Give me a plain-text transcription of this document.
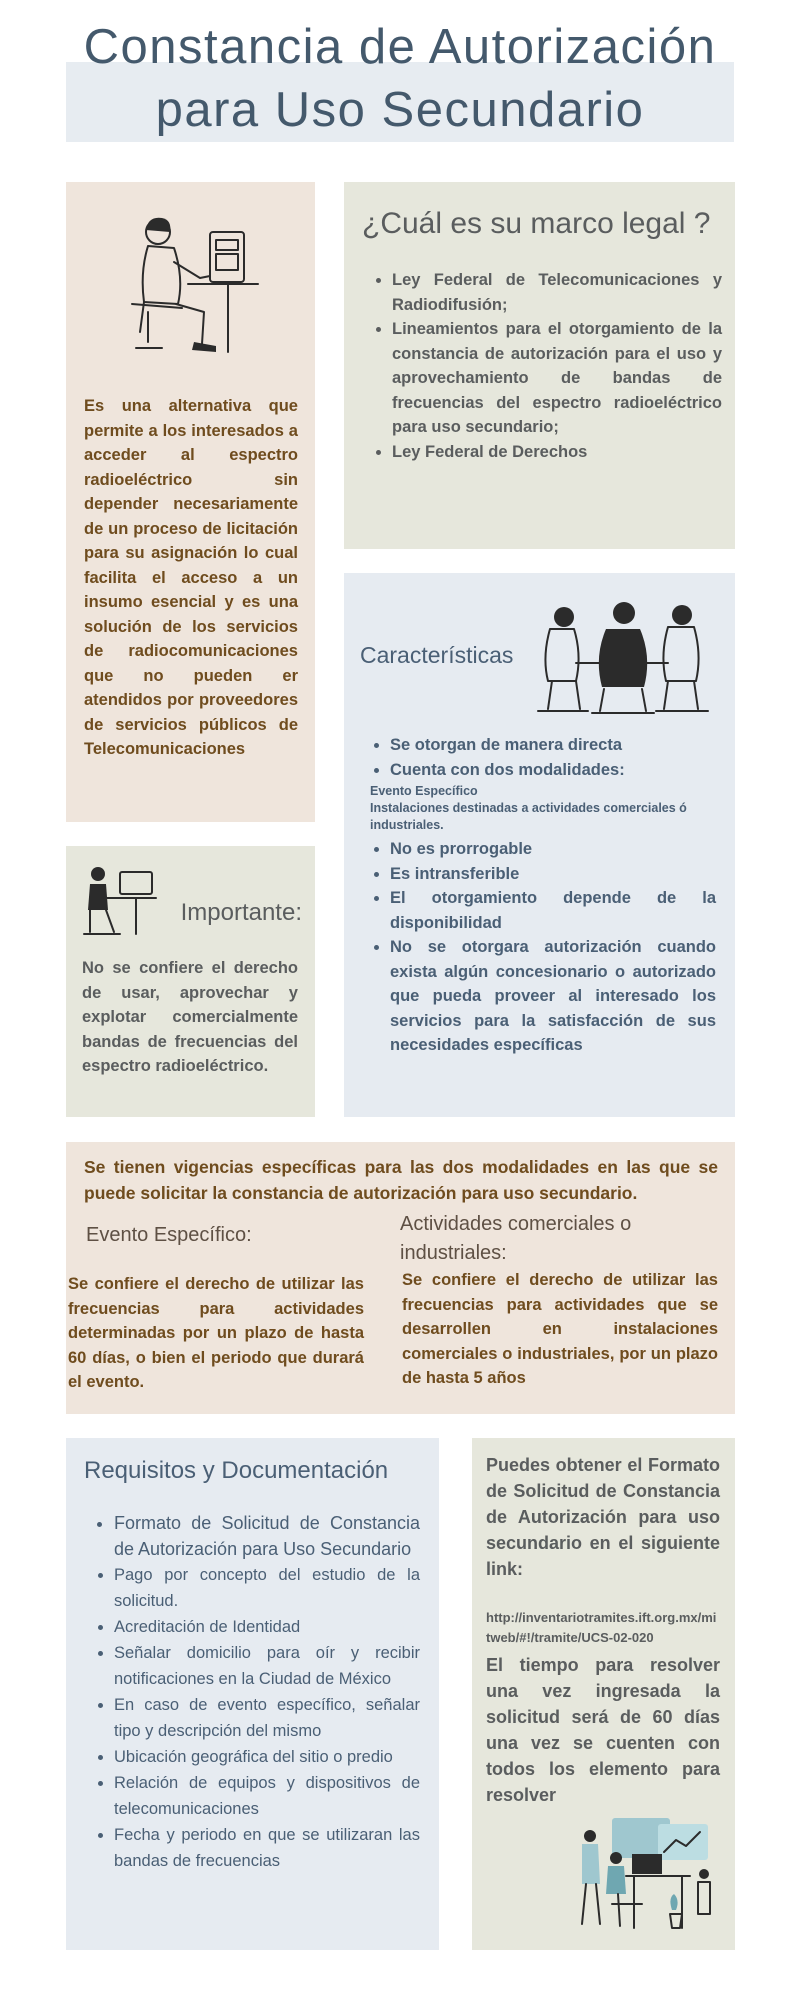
Constancia de Autorización
para Uso Secundario
Es una alternativa que permite a los interesados a acceder al espectro radioeléctrico sin depender necesariamente de un proceso de licitación para su asignación lo cual facilita el acceso a un insumo esencial y es una solución de los servicios de radiocomunicaciones que no pueden er atendidos por proveedores de servicios públicos de Telecomunicaciones
¿Cuál es su marco legal ?
• Ley Federal de Telecomunicaciones y Radiodifusión;
• Lineamientos para el otorgamiento de la constancia de autorización para el uso y aprovechamiento de bandas de frecuencias del espectro radioeléctrico para uso secundario;
• Ley Federal de Derechos
Importante:
No se confiere el derecho de usar, aprovechar y explotar comercialmente bandas de frecuencias del espectro radioeléctrico.
Características
• Se otorgan de manera directa
• Cuenta con dos modalidades:
Evento Específico
Instalaciones destinadas a actividades comerciales ó industriales.
• No es prorrogable
• Es intransferible
• El otorgamiento depende de la disponibilidad
• No se otorgara autorización cuando exista algún concesionario o autorizado que pueda proveer al interesado los servicios para la satisfacción de sus necesidades específicas
Se tienen vigencias específicas para las dos modalidades en las que se puede solicitar la constancia de autorización para uso secundario.
Evento Específico:
Se confiere el derecho de utilizar las frecuencias para actividades determinadas por un plazo de hasta 60 días, o bien el periodo que durará el evento.
Actividades comerciales o industriales:
Se confiere el derecho de utilizar las frecuencias para actividades que se desarrollen en instalaciones comerciales o industriales, por un plazo de hasta 5 años
Requisitos y Documentación
• Formato de Solicitud de Constancia de Autorización para Uso Secundario
• Pago por concepto del estudio de la solicitud.
• Acreditación de Identidad
• Señalar domicilio para oír y recibir notificaciones en la Ciudad de México
• En caso de evento específico, señalar tipo y descripción del mismo
• Ubicación geográfica del sitio o predio
• Relación de equipos y dispositivos de telecomunicaciones
• Fecha y periodo en que se utilizaran las bandas de frecuencias
Puedes obtener el Formato de Solicitud de Constancia de Autorización para uso secundario en el siguiente link:
http://inventariotramites.ift.org.mx/mitweb/#!/tramite/UCS-02-020
El tiempo para resolver una vez ingresada la solicitud será de 60 días una vez se cuenten con todos los elemento para resolver
